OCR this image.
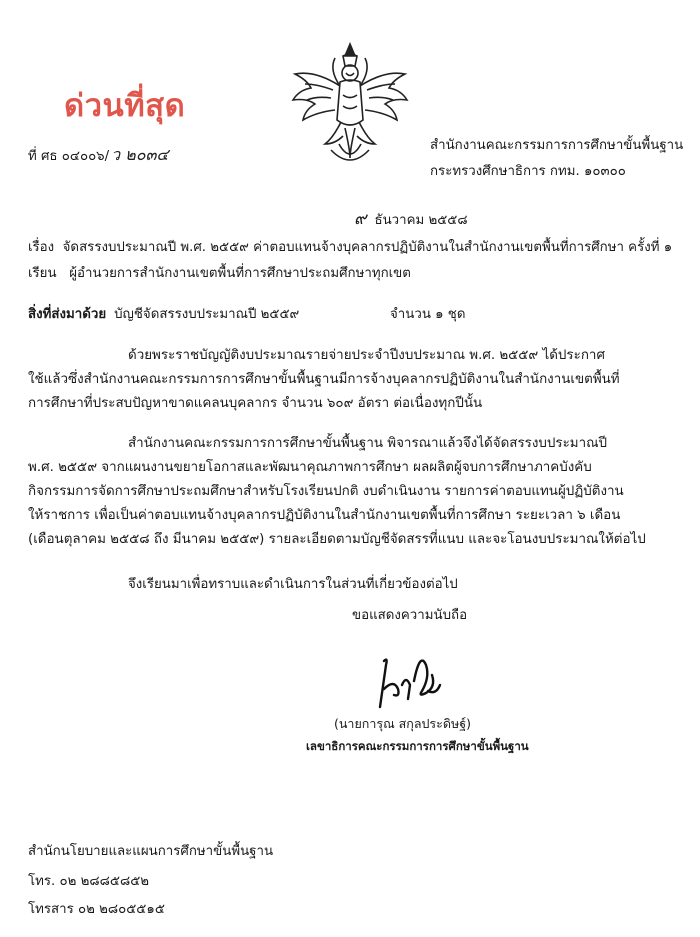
ด่วนที่สุด
ที่ ศธ ๐๔๐๐๖/ ว ๒๐๓๔	สำนักงานคณะกรรมการการศึกษาขั้นพื้นฐาน
กระทรวงศึกษาธิการ กทม. ๑๐๓๐๐
๙ ธันวาคม ๒๕๕๘
เรื่อง จัดสรรงบประมาณปี พ.ศ. ๒๕๕๙ ค่าตอบแทนจ้างบุคลากรปฏิบัติงานในสำนักงานเขตพื้นที่การศึกษา ครั้งที่ ๑
เรียน ผู้อำนวยการสำนักงานเขตพื้นที่การศึกษาประถมศึกษาทุกเขต
สิ่งที่ส่งมาด้วย บัญชีจัดสรรงบประมาณปี ๒๕๕๙	จำนวน ๑ ชุด
ด้วยพระราชบัญญัติงบประมาณรายจ่ายประจำปีงบประมาณ พ.ศ. ๒๕๕๙ ได้ประกาศ
ใช้แล้วซึ่งสำนักงานคณะกรรมการการศึกษาขั้นพื้นฐานมีการจ้างบุคลากรปฏิบัติงานในสำนักงานเขตพื้นที่
การศึกษาที่ประสบปัญหาขาดแคลนบุคลากร จำนวน ๖๐๙ อัตรา ต่อเนื่องทุกปีนั้น
สำนักงานคณะกรรมการการศึกษาขั้นพื้นฐาน พิจารณาแล้วจึงได้จัดสรรงบประมาณปี
พ.ศ. ๒๕๕๙ จากแผนงานขยายโอกาสและพัฒนาคุณภาพการศึกษา ผลผลิตผู้จบการศึกษาภาคบังคับ
กิจกรรมการจัดการศึกษาประถมศึกษาสำหรับโรงเรียนปกติ งบดำเนินงาน รายการค่าตอบแทนผู้ปฏิบัติงาน
ให้ราชการ เพื่อเป็นค่าตอบแทนจ้างบุคลากรปฏิบัติงานในสำนักงานเขตพื้นที่การศึกษา ระยะเวลา ๖ เดือน
(เดือนตุลาคม ๒๕๕๘ ถึง มีนาคม ๒๕๕๙) รายละเอียดตามบัญชีจัดสรรที่แนบ และจะโอนงบประมาณให้ต่อไป
จึงเรียนมาเพื่อทราบและดำเนินการในส่วนที่เกี่ยวข้องต่อไป
ขอแสดงความนับถือ
(นายการุณ สกุลประดิษฐ์)
เลขาธิการคณะกรรมการการศึกษาขั้นพื้นฐาน
สำนักนโยบายและแผนการศึกษาขั้นพื้นฐาน
โทร. ๐๒ ๒๘๘๕๘๕๒
โทรสาร ๐๒ ๒๘๐๕๕๑๕
